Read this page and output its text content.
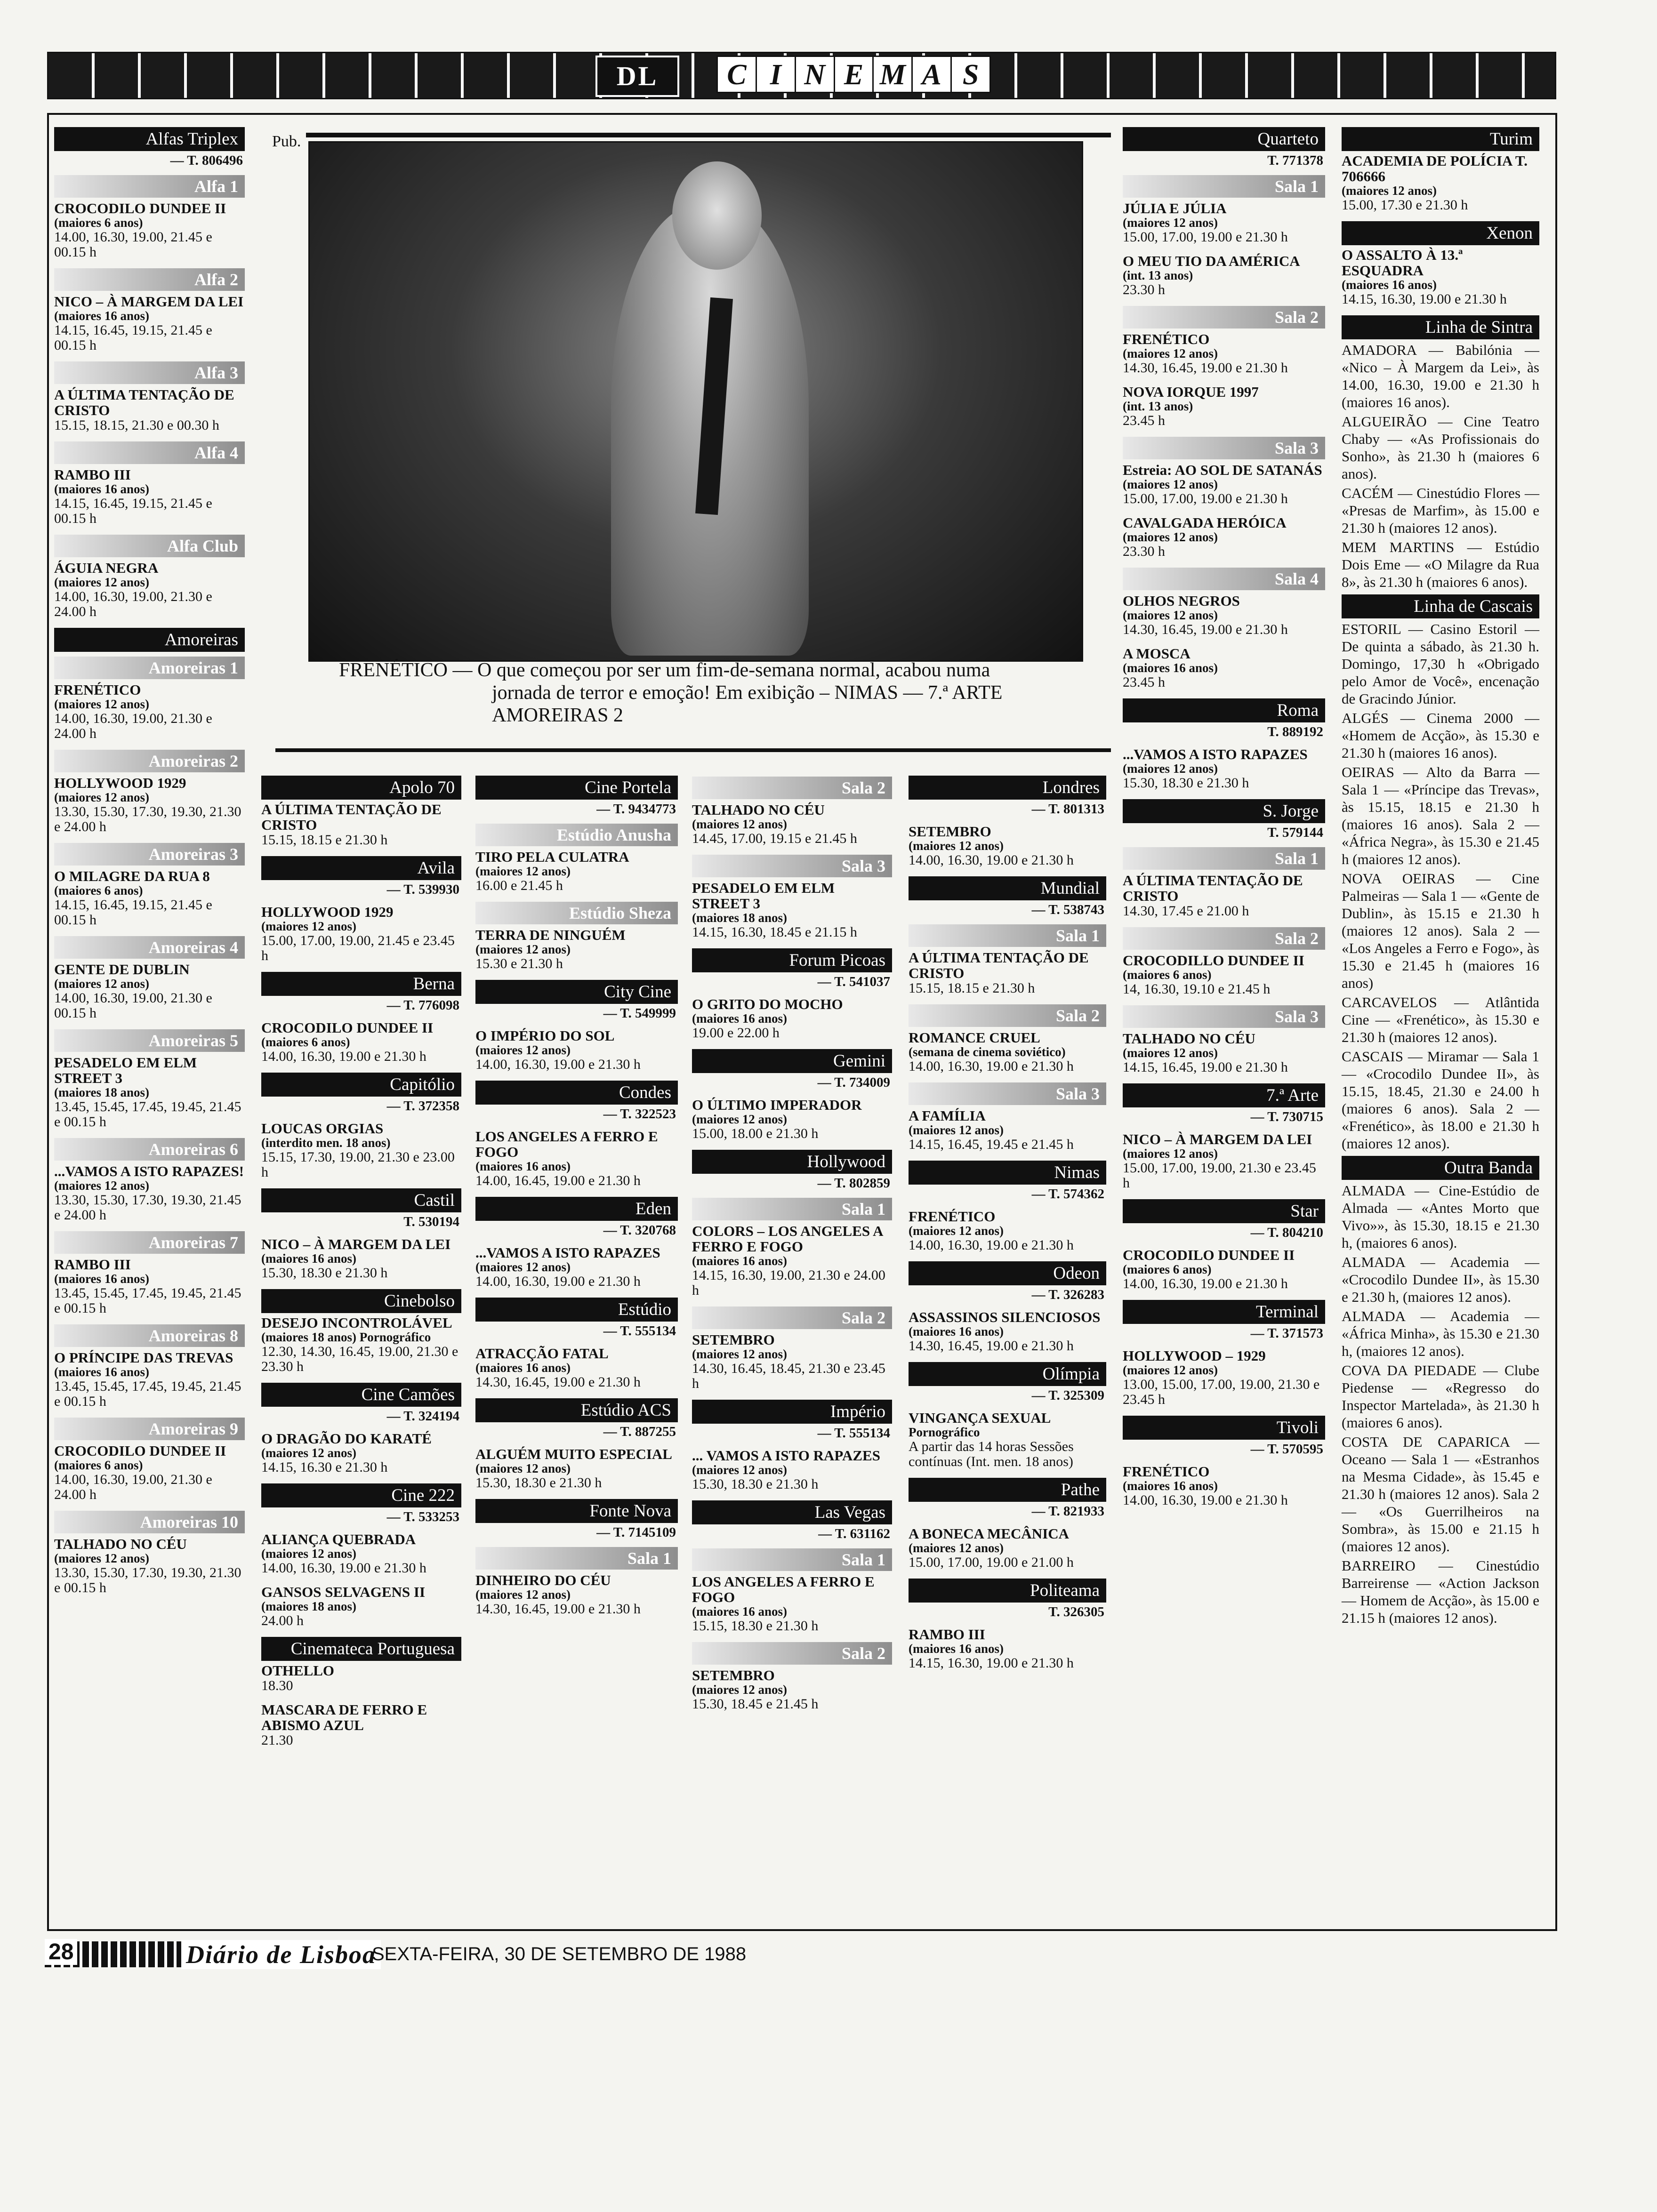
DL	C I N E M A S
Pub.
FRENÉTICO — O que começou por ser um fim-de-semana normal, acabou numa
jornada de terror e emoção! Em exibição – NIMAS — 7.ª ARTE
AMOREIRAS 2
Alfas Triplex
— T. 806496
Alfa 1
CROCODILO DUNDEE II
(maiores 6 anos)
14.00, 16.30, 19.00, 21.45 e 00.15 h
Alfa 2
NICO – À MARGEM DA LEI
(maiores 16 anos)
14.15, 16.45, 19.15, 21.45 e 00.15 h
Alfa 3
A ÚLTIMA TENTAÇÃO DE CRISTO
15.15, 18.15, 21.30 e 00.30 h
Alfa 4
RAMBO III
(maiores 16 anos)
14.15, 16.45, 19.15, 21.45 e 00.15 h
Alfa Club
ÁGUIA NEGRA
(maiores 12 anos)
14.00, 16.30, 19.00, 21.30 e 24.00 h
Amoreiras
Amoreiras 1
FRENÉTICO
(maiores 12 anos)
14.00, 16.30, 19.00, 21.30 e 24.00 h
Amoreiras 2
HOLLYWOOD 1929
(maiores 12 anos)
13.30, 15.30, 17.30, 19.30, 21.30 e 24.00 h
Amoreiras 3
O MILAGRE DA RUA 8
(maiores 6 anos)
14.15, 16.45, 19.15, 21.45 e 00.15 h
Amoreiras 4
GENTE DE DUBLIN
(maiores 12 anos)
14.00, 16.30, 19.00, 21.30 e 00.15 h
Amoreiras 5
PESADELO EM ELM STREET 3
(maiores 18 anos)
13.45, 15.45, 17.45, 19.45, 21.45 e 00.15 h
Amoreiras 6
...VAMOS A ISTO RAPAZES!
(maiores 12 anos)
13.30, 15.30, 17.30, 19.30, 21.45 e 24.00 h
Amoreiras 7
RAMBO III
(maiores 16 anos)
13.45, 15.45, 17.45, 19.45, 21.45 e 00.15 h
Amoreiras 8
O PRÍNCIPE DAS TREVAS
(maiores 16 anos)
13.45, 15.45, 17.45, 19.45, 21.45 e 00.15 h
Amoreiras 9
CROCODILO DUNDEE II
(maiores 6 anos)
14.00, 16.30, 19.00, 21.30 e 24.00 h
Amoreiras 10
TALHADO NO CÉU
(maiores 12 anos)
13.30, 15.30, 17.30, 19.30, 21.30 e 00.15 h
Apolo 70
A ÚLTIMA TENTAÇÃO DE CRISTO
15.15, 18.15 e 21.30 h
Avila
— T. 539930
HOLLYWOOD 1929
(maiores 12 anos)
15.00, 17.00, 19.00, 21.45 e 23.45 h
Berna
— T. 776098
CROCODILO DUNDEE II
(maiores 6 anos)
14.00, 16.30, 19.00 e 21.30 h
Capitólio
— T. 372358
LOUCAS ORGIAS
(interdito men. 18 anos)
15.15, 17.30, 19.00, 21.30 e 23.00 h
Castil
T. 530194
NICO – À MARGEM DA LEI
(maiores 16 anos)
15.30, 18.30 e 21.30 h
Cinebolso
DESEJO INCONTROLÁVEL
(maiores 18 anos) Pornográfico
12.30, 14.30, 16.45, 19.00, 21.30 e 23.30 h
Cine Camões
— T. 324194
O DRAGÃO DO KARATÉ
(maiores 12 anos)
14.15, 16.30 e 21.30 h
Cine 222
— T. 533253
ALIANÇA QUEBRADA
(maiores 12 anos)
14.00, 16.30, 19.00 e 21.30 h
GANSOS SELVAGENS II
(maiores 18 anos)
24.00 h
Cinemateca Portuguesa
OTHELLO
18.30
MASCARA DE FERRO E ABISMO AZUL
21.30
Cine Portela
— T. 9434773
Estúdio Anusha
TIRO PELA CULATRA
(maiores 12 anos)
16.00 e 21.45 h
Estúdio Sheza
TERRA DE NINGUÉM
(maiores 12 anos)
15.30 e 21.30 h
City Cine
— T. 549999
O IMPÉRIO DO SOL
(maiores 12 anos)
14.00, 16.30, 19.00 e 21.30 h
Condes
— T. 322523
LOS ANGELES A FERRO E FOGO
(maiores 16 anos)
14.00, 16.45, 19.00 e 21.30 h
Eden
— T. 320768
...VAMOS A ISTO RAPAZES
(maiores 12 anos)
14.00, 16.30, 19.00 e 21.30 h
Estúdio
— T. 555134
ATRACÇÃO FATAL
(maiores 16 anos)
14.30, 16.45, 19.00 e 21.30 h
Estúdio ACS
— T. 887255
ALGUÉM MUITO ESPECIAL
(maiores 12 anos)
15.30, 18.30 e 21.30 h
Fonte Nova
— T. 7145109
Sala 1
DINHEIRO DO CÉU
(maiores 12 anos)
14.30, 16.45, 19.00 e 21.30 h
Sala 2
TALHADO NO CÉU
(maiores 12 anos)
14.45, 17.00, 19.15 e 21.45 h
Sala 3
PESADELO EM ELM STREET 3
(maiores 18 anos)
14.15, 16.30, 18.45 e 21.15 h
Forum Picoas
— T. 541037
O GRITO DO MOCHO
(maiores 16 anos)
19.00 e 22.00 h
Gemini
— T. 734009
O ÚLTIMO IMPERADOR
(maiores 12 anos)
15.00, 18.00 e 21.30 h
Hollywood
— T. 802859
Sala 1
COLORS – LOS ANGELES A FERRO E FOGO
(maiores 16 anos)
14.15, 16.30, 19.00, 21.30 e 24.00 h
Sala 2
SETEMBRO
(maiores 12 anos)
14.30, 16.45, 18.45, 21.30 e 23.45 h
Império
— T. 555134
... VAMOS A ISTO RAPAZES
(maiores 12 anos)
15.30, 18.30 e 21.30 h
Las Vegas
— T. 631162
Sala 1
LOS ANGELES A FERRO E FOGO
(maiores 16 anos)
15.15, 18.30 e 21.30 h
Sala 2
SETEMBRO
(maiores 12 anos)
15.30, 18.45 e 21.45 h
Londres
— T. 801313
SETEMBRO
(maiores 12 anos)
14.00, 16.30, 19.00 e 21.30 h
Mundial
— T. 538743
Sala 1
A ÚLTIMA TENTAÇÃO DE CRISTO
15.15, 18.15 e 21.30 h
Sala 2
ROMANCE CRUEL
(semana de cinema soviético)
14.00, 16.30, 19.00 e 21.30 h
Sala 3
A FAMÍLIA
(maiores 12 anos)
14.15, 16.45, 19.45 e 21.45 h
Nimas
— T. 574362
FRENÉTICO
(maiores 12 anos)
14.00, 16.30, 19.00 e 21.30 h
Odeon
— T. 326283
ASSASSINOS SILENCIOSOS
(maiores 16 anos)
14.30, 16.45, 19.00 e 21.30 h
Olímpia
— T. 325309
VINGANÇA SEXUAL
Pornográfico
A partir das 14 horas Sessões contínuas (Int. men. 18 anos)
Pathe
— T. 821933
A BONECA MECÂNICA
(maiores 12 anos)
15.00, 17.00, 19.00 e 21.00 h
Politeama
T. 326305
RAMBO III
(maiores 16 anos)
14.15, 16.30, 19.00 e 21.30 h
Quarteto
T. 771378
Sala 1
JÚLIA E JÚLIA
(maiores 12 anos)
15.00, 17.00, 19.00 e 21.30 h
O MEU TIO DA AMÉRICA
(int. 13 anos)
23.30 h
Sala 2
FRENÉTICO
(maiores 12 anos)
14.30, 16.45, 19.00 e 21.30 h
NOVA IORQUE 1997
(int. 13 anos)
23.45 h
Sala 3
Estreia: AO SOL DE SATANÁS
(maiores 12 anos)
15.00, 17.00, 19.00 e 21.30 h
CAVALGADA HERÓICA
(maiores 12 anos)
23.30 h
Sala 4
OLHOS NEGROS
(maiores 12 anos)
14.30, 16.45, 19.00 e 21.30 h
A MOSCA
(maiores 16 anos)
23.45 h
Roma
T. 889192
...VAMOS A ISTO RAPAZES
(maiores 12 anos)
15.30, 18.30 e 21.30 h
S. Jorge
T. 579144
Sala 1
A ÚLTIMA TENTAÇÃO DE CRISTO
14.30, 17.45 e 21.00 h
Sala 2
CROCODILLO DUNDEE II
(maiores 6 anos)
14, 16.30, 19.10 e 21.45 h
Sala 3
TALHADO NO CÉU
(maiores 12 anos)
14.15, 16.45, 19.00 e 21.30 h
7.ª Arte
— T. 730715
NICO – À MARGEM DA LEI
(maiores 12 anos)
15.00, 17.00, 19.00, 21.30 e 23.45 h
Star
— T. 804210
CROCODILO DUNDEE II
(maiores 6 anos)
14.00, 16.30, 19.00 e 21.30 h
Terminal
— T. 371573
HOLLYWOOD – 1929
(maiores 12 anos)
13.00, 15.00, 17.00, 19.00, 21.30 e 23.45 h
Tivoli
— T. 570595
FRENÉTICO
(maiores 16 anos)
14.00, 16.30, 19.00 e 21.30 h
Turim
ACADEMIA DE POLÍCIA T. 706666
(maiores 12 anos)
15.00, 17.30 e 21.30 h
Xenon
O ASSALTO À 13.ª ESQUADRA
(maiores 16 anos)
14.15, 16.30, 19.00 e 21.30 h
Linha de Sintra
AMADORA — Babilónia — «Nico – À Margem da Lei», às 14.00, 16.30, 19.00 e 21.30 h (maiores 16 anos).
ALGUEIRÃO — Cine Teatro Chaby — «As Profissionais do Sonho», às 21.30 h (maiores 6 anos).
CACÉM — Cinestúdio Flores — «Presas de Marfim», às 15.00 e 21.30 h (maiores 12 anos).
MEM MARTINS — Estúdio Dois Eme — «O Milagre da Rua 8», às 21.30 h (maiores 6 anos).
Linha de Cascais
ESTORIL — Casino Estoril — De quinta a sábado, às 21.30 h. Domingo, 17,30 h «Obrigado pelo Amor de Você», encenação de Gracindo Júnior.
ALGÉS — Cinema 2000 — «Homem de Acção», às 15.30 e 21.30 h (maiores 16 anos).
OEIRAS — Alto da Barra — Sala 1 — «Príncipe das Trevas», às 15.15, 18.15 e 21.30 h (maiores 16 anos). Sala 2 — «África Negra», às 15.30 e 21.45 h (maiores 12 anos).
NOVA OEIRAS — Cine Palmeiras — Sala 1 — «Gente de Dublin», às 15.15 e 21.30 h (maiores 12 anos). Sala 2 — «Los Angeles a Ferro e Fogo», às 15.30 e 21.45 h (maiores 16 anos)
CARCAVELOS — Atlântida Cine — «Frenético», às 15.30 e 21.30 h (maiores 12 anos).
CASCAIS — Miramar — Sala 1 — «Crocodilo Dundee II», às 15.15, 18.45, 21.30 e 24.00 h (maiores 6 anos). Sala 2 — «Frenético», às 18.00 e 21.30 h (maiores 12 anos).
Outra Banda
ALMADA — Cine-Estúdio de Almada — «Antes Morto que Vivo»», às 15.30, 18.15 e 21.30 h, (maiores 6 anos).
ALMADA — Academia — «Crocodilo Dundee II», às 15.30 e 21.30 h, (maiores 12 anos).
ALMADA — Academia — «África Minha», às 15.30 e 21.30 h, (maiores 12 anos).
COVA DA PIEDADE — Clube Piedense — «Regresso do Inspector Martelada», às 21.30 h (maiores 6 anos).
COSTA DE CAPARICA — Oceano — Sala 1 — «Estranhos na Mesma Cidade», às 15.45 e 21.30 h (maiores 12 anos). Sala 2 — «Os Guerrilheiros na Sombra», às 15.00 e 21.15 h (maiores 12 anos).
BARREIRO — Cinestúdio Barreirense — «Action Jackson — Homem de Acção», às 15.00 e 21.15 h (maiores 12 anos).
28	Diário de Lisboa
SEXTA-FEIRA, 30 DE SETEMBRO DE 1988
